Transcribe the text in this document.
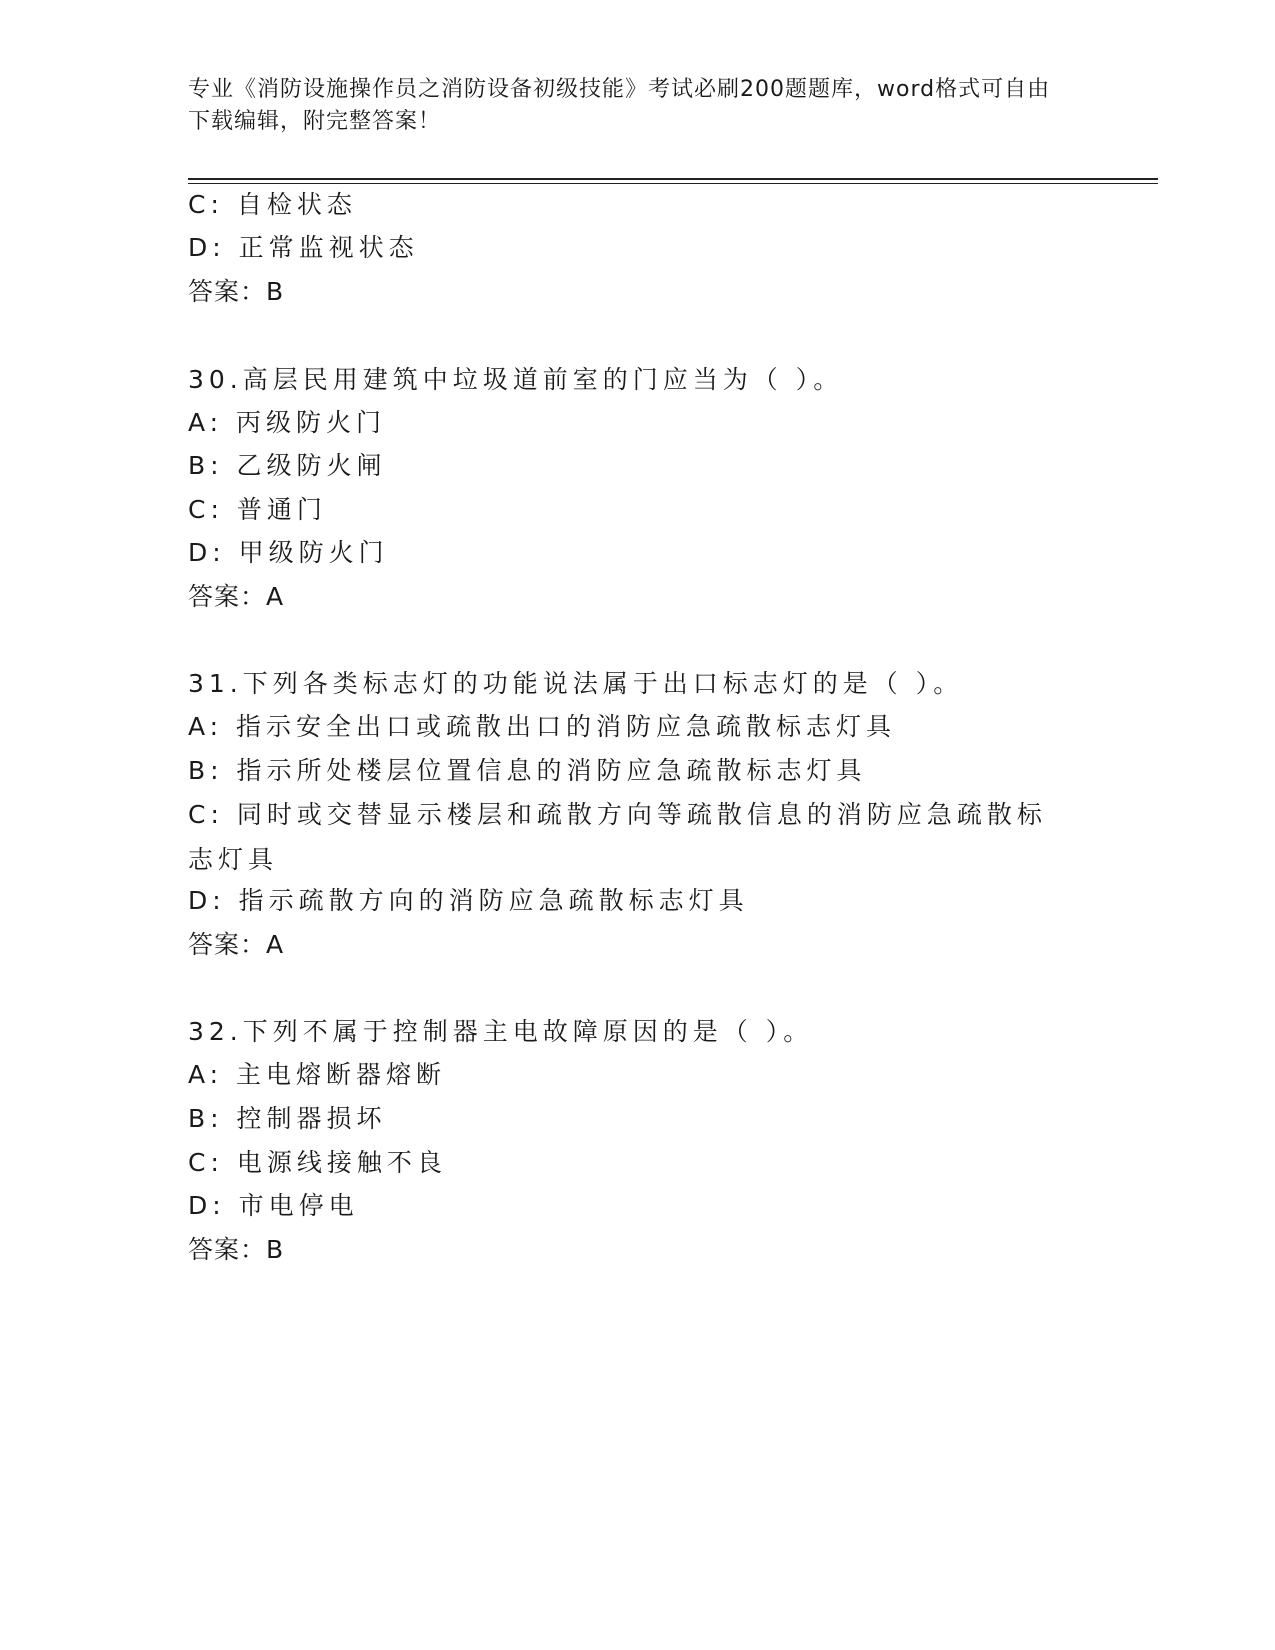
专业《消防设施操作员之消防设备初级技能》考试必刷200题题库，word格式可自由下载编辑，附完整答案！
C: 自检状态
D: 正常监视状态
答案：B
30.高层民用建筑中垃圾道前室的门应当为（ ）。
A: 丙级防火门
B: 乙级防火闸
C: 普通门
D: 甲级防火门
答案：A
31.下列各类标志灯的功能说法属于出口标志灯的是（ ）。
A: 指示安全出口或疏散出口的消防应急疏散标志灯具
B: 指示所处楼层位置信息的消防应急疏散标志灯具
C: 同时或交替显示楼层和疏散方向等疏散信息的消防应急疏散标志灯具
D: 指示疏散方向的消防应急疏散标志灯具
答案：A
32.下列不属于控制器主电故障原因的是（ ）。
A: 主电熔断器熔断
B: 控制器损坏
C: 电源线接触不良
D: 市电停电
答案：B
